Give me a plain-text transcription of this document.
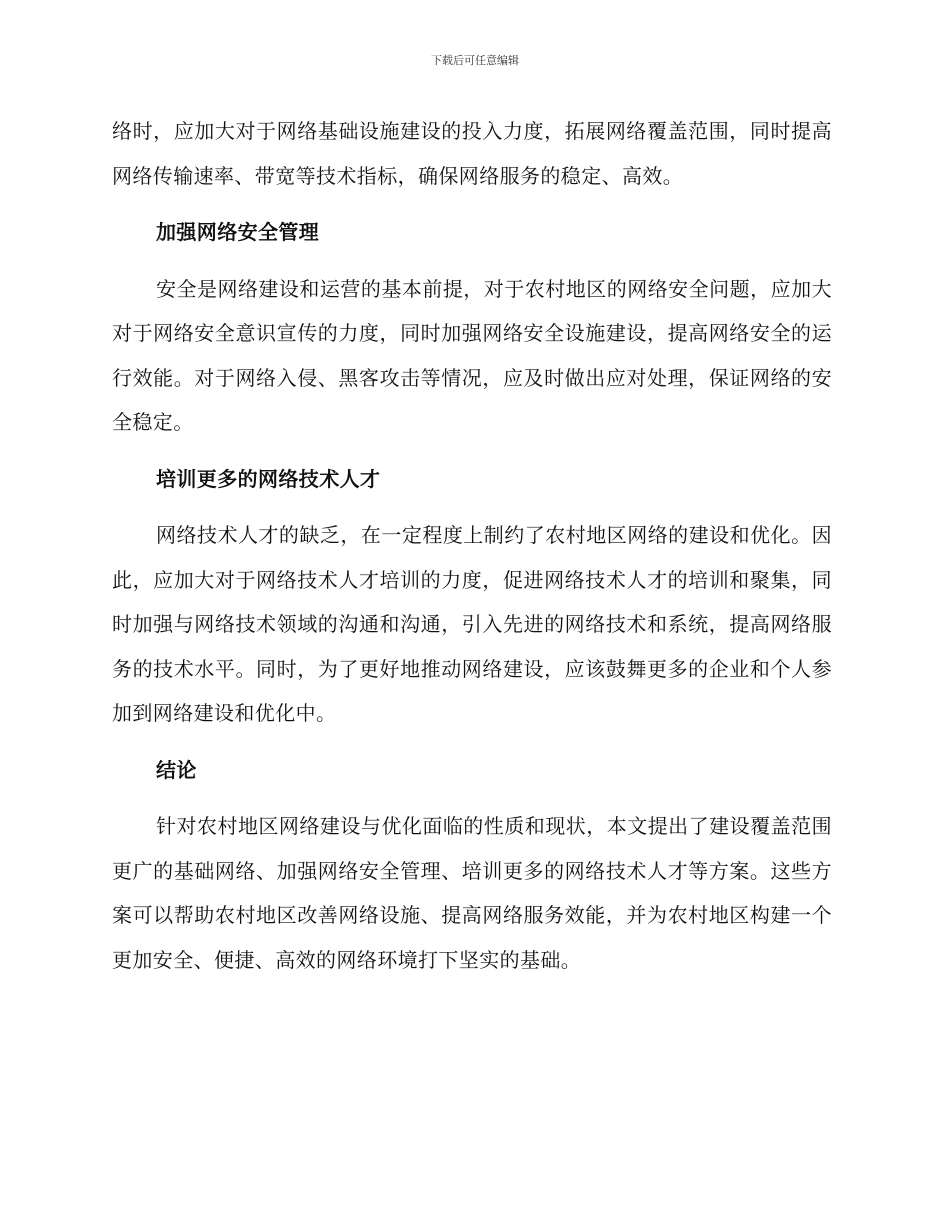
下载后可任意编辑

络时，应加大对于网络基础设施建设的投入力度，拓展网络覆盖范围，同时提高网络传输速率、带宽等技术指标，确保网络服务的稳定、高效。

加强网络安全管理

安全是网络建设和运营的基本前提，对于农村地区的网络安全问题，应加大对于网络安全意识宣传的力度，同时加强网络安全设施建设，提高网络安全的运行效能。对于网络入侵、黑客攻击等情况，应及时做出应对处理，保证网络的安全稳定。

培训更多的网络技术人才

网络技术人才的缺乏，在一定程度上制约了农村地区网络的建设和优化。因此，应加大对于网络技术人才培训的力度，促进网络技术人才的培训和聚集，同时加强与网络技术领域的沟通和沟通，引入先进的网络技术和系统，提高网络服务的技术水平。同时，为了更好地推动网络建设，应该鼓舞更多的企业和个人参加到网络建设和优化中。

结论

针对农村地区网络建设与优化面临的性质和现状，本文提出了建设覆盖范围更广的基础网络、加强网络安全管理、培训更多的网络技术人才等方案。这些方案可以帮助农村地区改善网络设施、提高网络服务效能，并为农村地区构建一个更加安全、便捷、高效的网络环境打下坚实的基础。
